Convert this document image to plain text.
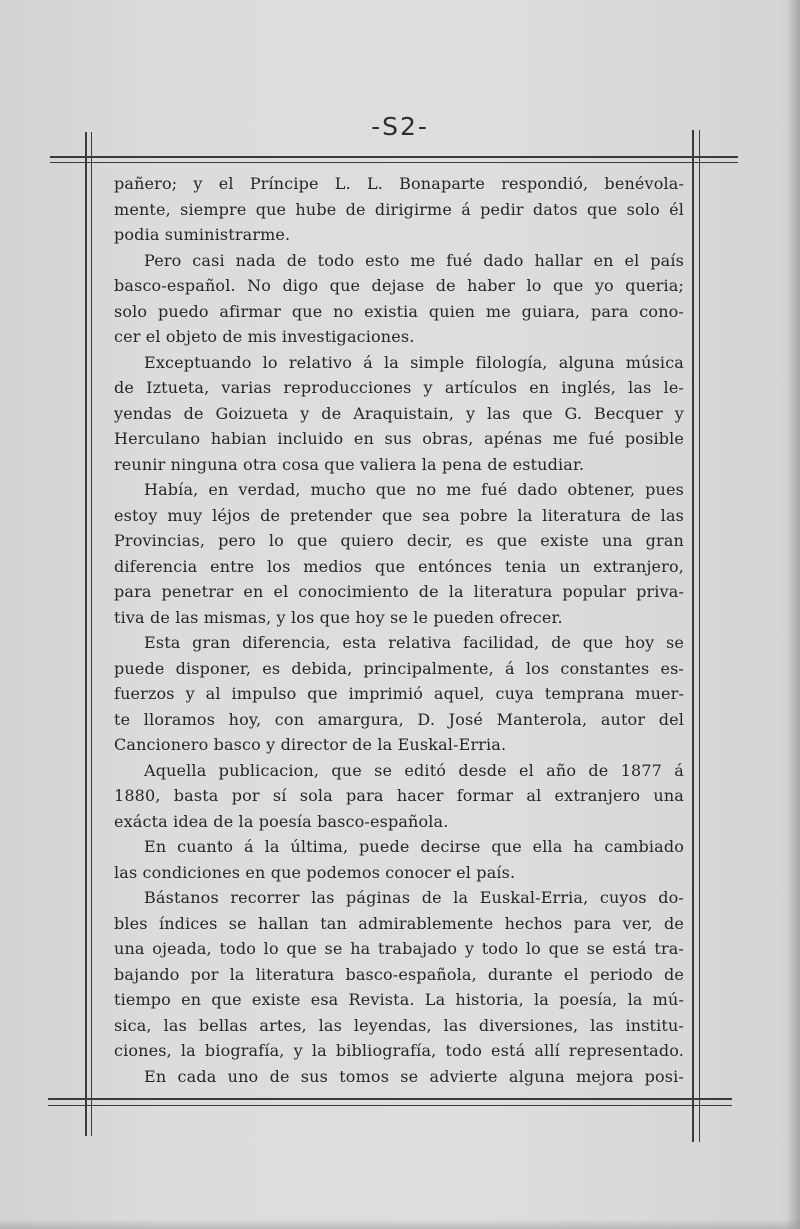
-S2-
pañero; y el Príncipe L. L. Bonaparte respondió, benévola-
mente, siempre que hube de dirigirme á pedir datos que solo él
podia suministrarme.
Pero casi nada de todo esto me fué dado hallar en el país
basco-español. No digo que dejase de haber lo que yo queria;
solo puedo afirmar que no existia quien me guiara, para cono-
cer el objeto de mis investigaciones.
Exceptuando lo relativo á la simple filología, alguna música
de Iztueta, varias reproducciones y artículos en inglés, las le-
yendas de Goizueta y de Araquistain, y las que G. Becquer y
Herculano habian incluido en sus obras, apénas me fué posible
reunir ninguna otra cosa que valiera la pena de estudiar.
Había, en verdad, mucho que no me fué dado obtener, pues
estoy muy léjos de pretender que sea pobre la literatura de las
Provincias, pero lo que quiero decir, es que existe una gran
diferencia entre los medios que entónces tenia un extranjero,
para penetrar en el conocimiento de la literatura popular priva-
tiva de las mismas, y los que hoy se le pueden ofrecer.
Esta gran diferencia, esta relativa facilidad, de que hoy se
puede disponer, es debida, principalmente, á los constantes es-
fuerzos y al impulso que imprimió aquel, cuya temprana muer-
te lloramos hoy, con amargura, D. José Manterola, autor del
Cancionero basco y director de la Euskal-Erria.
Aquella publicacion, que se editó desde el año de 1877 á
1880, basta por sí sola para hacer formar al extranjero una
exácta idea de la poesía basco-española.
En cuanto á la última, puede decirse que ella ha cambiado
las condiciones en que podemos conocer el país.
Bástanos recorrer las páginas de la Euskal-Erria, cuyos do-
bles índices se hallan tan admirablemente hechos para ver, de
una ojeada, todo lo que se ha trabajado y todo lo que se está tra-
bajando por la literatura basco-española, durante el periodo de
tiempo en que existe esa Revista. La historia, la poesía, la mú-
sica, las bellas artes, las leyendas, las diversiones, las institu-
ciones, la biografía, y la bibliografía, todo está allí representado.
En cada uno de sus tomos se advierte alguna mejora posi-
